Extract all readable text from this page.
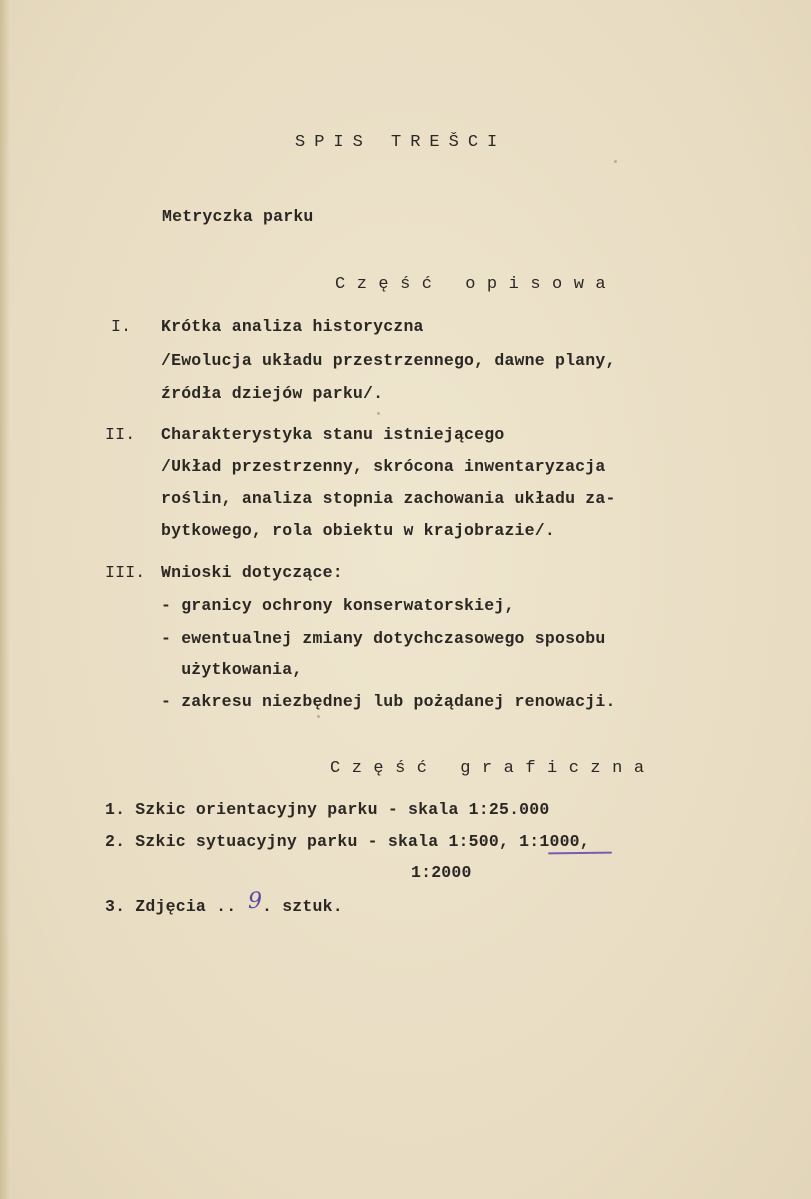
SPIS TREŠCI
Metryczka parku
Część opisowa
I. Krótka analiza historyczna
/Ewolucja układu przestrzennego, dawne plany,
źródła dziejów parku/.
II. Charakterystyka stanu istniejącego
/Układ przestrzenny, skrócona inwentaryzacja
roślin, analiza stopnia zachowania układu za-
bytkowego, rola obiektu w krajobrazie/.
III. Wnioski dotyczące:
- granicy ochrony konserwatorskiej,
- ewentualnej zmiany dotychczasowego sposobu
użytkowania,
- zakresu niezbędnej lub pożądanej renowacji.
Część graficzna
1. Szkic orientacyjny parku - skala 1:25.000
2. Szkic sytuacyjny parku - skala 1:500, 1:1000,
1:2000
3. Zdjęcia .. 9 . sztuk.
